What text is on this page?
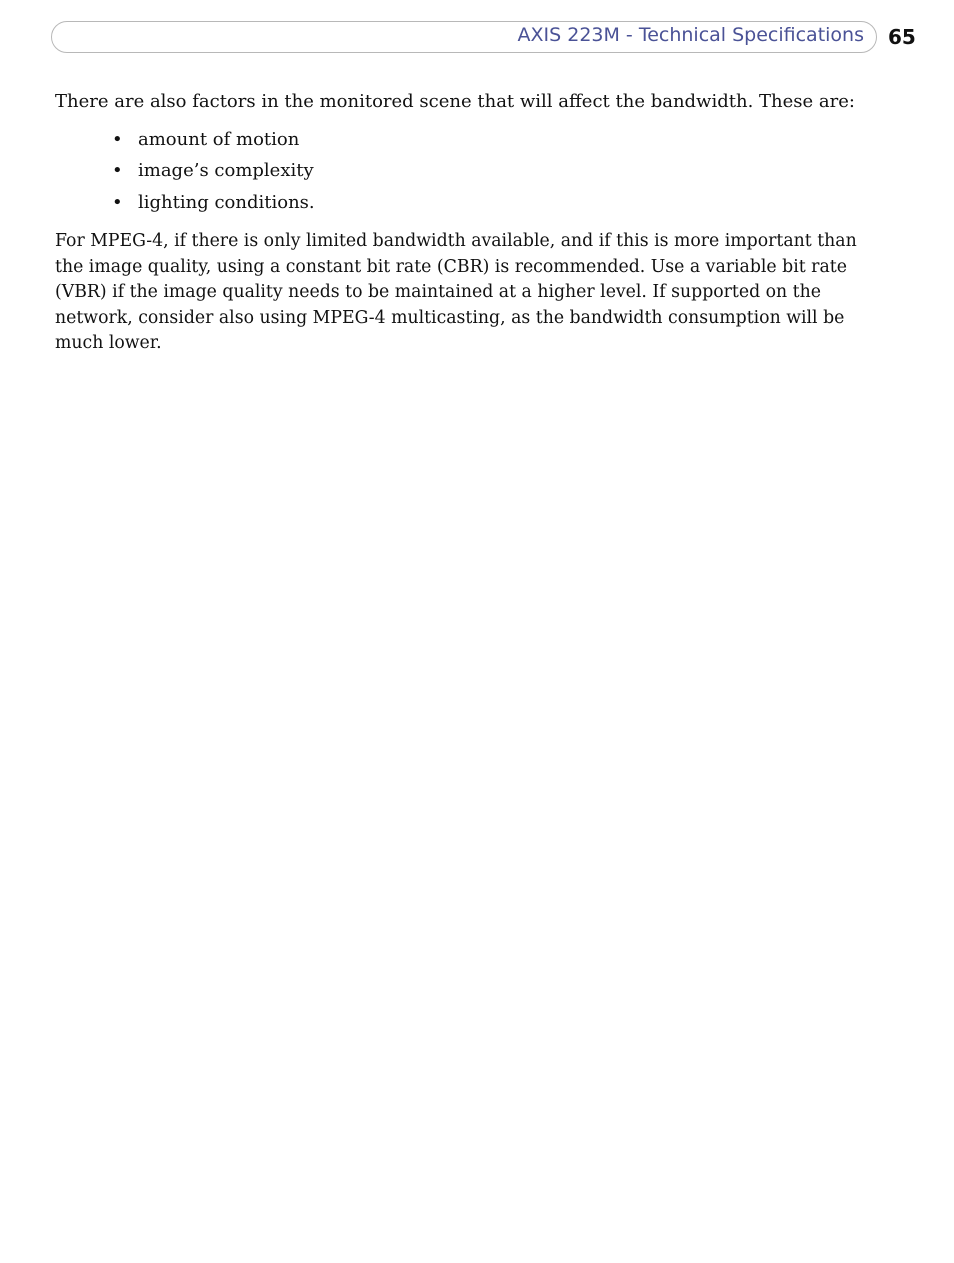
AXIS 223M - Technical Specifications 65

There are also factors in the monitored scene that will affect the bandwidth. These are:

• amount of motion
• image’s complexity
• lighting conditions.

For MPEG-4, if there is only limited bandwidth available, and if this is more important than the image quality, using a constant bit rate (CBR) is recommended. Use a variable bit rate (VBR) if the image quality needs to be maintained at a higher level. If supported on the network, consider also using MPEG-4 multicasting, as the bandwidth consumption will be much lower.
